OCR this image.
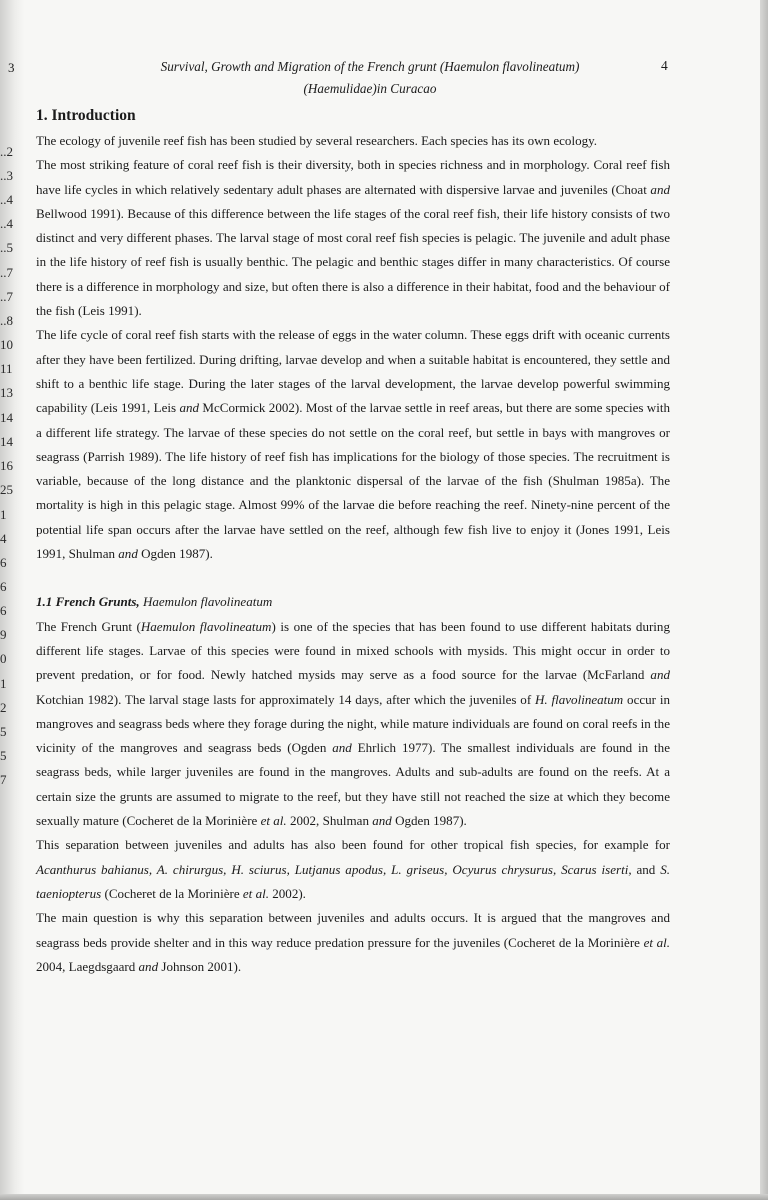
3	Survival, Growth and Migration of the French grunt (Haemulon flavolineatum)
(Haemulidae)in Curacao
4
..2
..3
..4
..4
..5
..7
..7
..8
10
11
13
14
14
16
25
1
4
6
6
6
9
0
1
2
5
5
7
1. Introduction

The ecology of juvenile reef fish has been studied by several researchers. Each species has its own ecology.

The most striking feature of coral reef fish is their diversity, both in species richness and in morphology. Coral reef fish have life cycles in which relatively sedentary adult phases are alternated with dispersive larvae and juveniles (Choat and Bellwood 1991). Because of this difference between the life stages of the coral reef fish, their life history consists of two distinct and very different phases. The larval stage of most coral reef fish species is pelagic. The juvenile and adult phase in the life history of reef fish is usually benthic. The pelagic and benthic stages differ in many characteristics. Of course there is a difference in morphology and size, but often there is also a difference in their habitat, food and the behaviour of the fish (Leis 1991).

The life cycle of coral reef fish starts with the release of eggs in the water column. These eggs drift with oceanic currents after they have been fertilized. During drifting, larvae develop and when a suitable habitat is encountered, they settle and shift to a benthic life stage. During the later stages of the larval development, the larvae develop powerful swimming capability (Leis 1991, Leis and McCormick 2002). Most of the larvae settle in reef areas, but there are some species with a different life strategy. The larvae of these species do not settle on the coral reef, but settle in bays with mangroves or seagrass (Parrish 1989). The life history of reef fish has implications for the biology of those species. The recruitment is variable, because of the long distance and the planktonic dispersal of the larvae of the fish (Shulman 1985a). The mortality is high in this pelagic stage. Almost 99% of the larvae die before reaching the reef. Ninety-nine percent of the potential life span occurs after the larvae have settled on the reef, although few fish live to enjoy it (Jones 1991, Leis 1991, Shulman and Ogden 1987).

1.1 French Grunts, Haemulon flavolineatum

The French Grunt (Haemulon flavolineatum) is one of the species that has been found to use different habitats during different life stages. Larvae of this species were found in mixed schools with mysids. This might occur in order to prevent predation, or for food. Newly hatched mysids may serve as a food source for the larvae (McFarland and Kotchian 1982). The larval stage lasts for approximately 14 days, after which the juveniles of H. flavolineatum occur in mangroves and seagrass beds where they forage during the night, while mature individuals are found on coral reefs in the vicinity of the mangroves and seagrass beds (Ogden and Ehrlich 1977). The smallest individuals are found in the seagrass beds, while larger juveniles are found in the mangroves. Adults and sub-adults are found on the reefs. At a certain size the grunts are assumed to migrate to the reef, but they have still not reached the size at which they become sexually mature (Cocheret de la Morinière et al. 2002, Shulman and Ogden 1987).

This separation between juveniles and adults has also been found for other tropical fish species, for example for Acanthurus bahianus, A. chirurgus, H. sciurus, Lutjanus apodus, L. griseus, Ocyurus chrysurus, Scarus iserti, and S. taeniopterus (Cocheret de la Morinière et al. 2002).

The main question is why this separation between juveniles and adults occurs. It is argued that the mangroves and seagrass beds provide shelter and in this way reduce predation pressure for the juveniles (Cocheret de la Morinière et al. 2004, Laegdsgaard and Johnson 2001).
